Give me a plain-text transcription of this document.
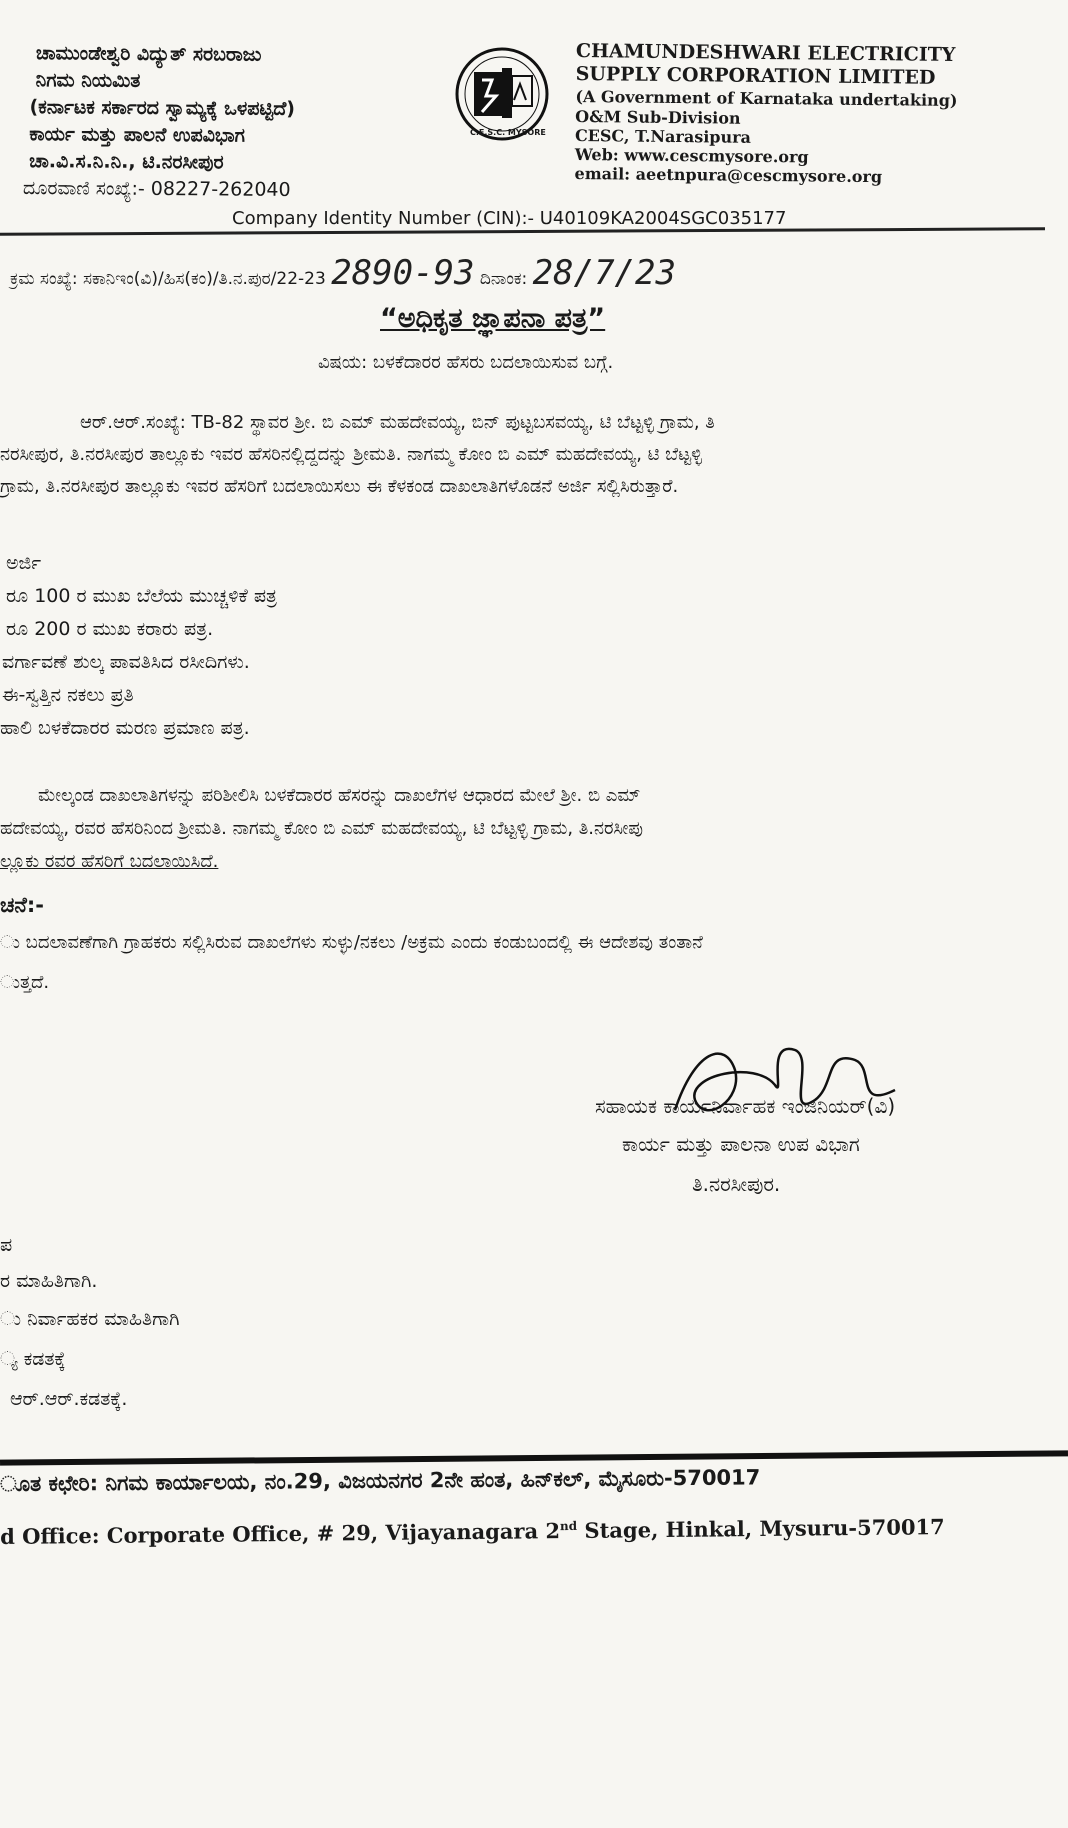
ಚಾಮುಂಡೇಶ್ವರಿ ವಿದ್ಯುತ್ ಸರಬರಾಜು
ನಿಗಮ ನಿಯಮಿತ
(ಕರ್ನಾಟಕ ಸರ್ಕಾರದ ಸ್ವಾಮ್ಯಕ್ಕೆ ಒಳಪಟ್ಟಿದೆ)
ಕಾರ್ಯ ಮತ್ತು ಪಾಲನೆ ಉಪವಿಭಾಗ
ಚಾ.ವಿ.ಸ.ನಿ.ನಿ., ಟಿ.ನರಸೀಪುರ
ದೂರವಾಣಿ ಸಂಖ್ಯೆ:- 08227-262040
C.E.S.C. MYSORE
CHAMUNDESHWARI ELECTRICITY
SUPPLY CORPORATION LIMITED
(A Government of Karnataka undertaking)
O&M Sub-Division
CESC, T.Narasipura
Web: www.cescmysore.org
email: aeetnpura@cescmysore.org
Company Identity Number (CIN):- U40109KA2004SGC035177
ಕ್ರಮ ಸಂಖ್ಯೆ: ಸಕಾನಿಇಂ(ವಿ)/ಹಿಸ(ಕಂ)/ತಿ.ನ.ಪುರ/22-23 2890-93 ದಿನಾಂಕ: 28/7/23
“ಅಧಿಕೃತ ಜ್ಞಾಪನಾ ಪತ್ರ”
ವಿಷಯ: ಬಳಕೆದಾರರ ಹೆಸರು ಬದಲಾಯಿಸುವ ಬಗ್ಗೆ.
ಆರ್.ಆರ್.ಸಂಖ್ಯೆ: TB-82 ಸ್ಥಾವರ ಶ್ರೀ. ಬಿ ಎಮ್ ಮಹದೇವಯ್ಯ, ಬಿನ್ ಪುಟ್ಟಬಸವಯ್ಯ, ಟಿ ಬೆಟ್ಟಳ್ಳಿ ಗ್ರಾಮ, ತಿ
ನರಸೀಪುರ, ತಿ.ನರಸೀಪುರ ತಾಲ್ಲೂಕು ಇವರ ಹೆಸರಿನಲ್ಲಿದ್ದದನ್ನು ಶ್ರೀಮತಿ. ನಾಗಮ್ಮ ಕೋಂ ಬಿ ಎಮ್ ಮಹದೇವಯ್ಯ, ಟಿ ಬೆಟ್ಟಳ್ಳಿ
ಗ್ರಾಮ, ತಿ.ನರಸೀಪುರ ತಾಲ್ಲೂಕು ಇವರ ಹೆಸರಿಗೆ ಬದಲಾಯಿಸಲು ಈ ಕೆಳಕಂಡ ದಾಖಲಾತಿಗಳೊಡನೆ ಅರ್ಜಿ ಸಲ್ಲಿಸಿರುತ್ತಾರೆ.
ಅರ್ಜಿ
ರೂ 100 ರ ಮುಖ ಬೆಲೆಯ ಮುಚ್ಚಳಿಕೆ ಪತ್ರ
ರೂ 200 ರ ಮುಖ ಕರಾರು ಪತ್ರ.
ವರ್ಗಾವಣೆ ಶುಲ್ಕ ಪಾವತಿಸಿದ ರಸೀದಿಗಳು.
ಈ-ಸ್ವತ್ತಿನ ನಕಲು ಪ್ರತಿ
ಹಾಲಿ ಬಳಕೆದಾರರ ಮರಣ ಪ್ರಮಾಣ ಪತ್ರ.
ಮೇಲ್ಕಂಡ ದಾಖಲಾತಿಗಳನ್ನು ಪರಿಶೀಲಿಸಿ ಬಳಕೆದಾರರ ಹೆಸರನ್ನು ದಾಖಲೆಗಳ ಆಧಾರದ ಮೇಲೆ ಶ್ರೀ. ಬಿ ಎಮ್
ಹದೇವಯ್ಯ, ರವರ ಹೆಸರಿನಿಂದ ಶ್ರೀಮತಿ. ನಾಗಮ್ಮ ಕೋಂ ಬಿ ಎಮ್ ಮಹದೇವಯ್ಯ, ಟಿ ಬೆಟ್ಟಳ್ಳಿ ಗ್ರಾಮ, ತಿ.ನರಸೀಪು
ಲ್ಲೂಕು ರವರ ಹೆಸರಿಗೆ ಬದಲಾಯಿಸಿದೆ.
ಚನೆ:-
ು ಬದಲಾವಣೆಗಾಗಿ ಗ್ರಾಹಕರು ಸಲ್ಲಿಸಿರುವ ದಾಖಲೆಗಳು ಸುಳ್ಳು/ನಕಲು /ಅಕ್ರಮ ಎಂದು ಕಂಡುಬಂದಲ್ಲಿ ಈ ಆದೇಶವು ತಂತಾನೆ
ುತ್ತದೆ.
ಸಹಾಯಕ ಕಾರ್ಯನಿರ್ವಾಹಕ ಇಂಜಿನಿಯರ್(ವಿ)
ಕಾರ್ಯ ಮತ್ತು ಪಾಲನಾ ಉಪ ವಿಭಾಗ
ತಿ.ನರಸೀಪುರ.
ಪ
ರ ಮಾಹಿತಿಗಾಗಿ.
ು ನಿರ್ವಾಹಕರ ಮಾಹಿತಿಗಾಗಿ
್ಯ ಕಡತಕ್ಕೆ
ಆರ್.ಆರ್.ಕಡತಕ್ಕೆ.
ೂತ ಕಛೇರಿ: ನಿಗಮ ಕಾರ್ಯಾಲಯ, ನಂ.29, ವಿಜಯನಗರ 2ನೇ ಹಂತ, ಹಿನ್‌ಕಲ್, ಮೈಸೂರು-570017
d Office: Corporate Office, # 29, Vijayanagara 2nd Stage, Hinkal, Mysuru-570017
